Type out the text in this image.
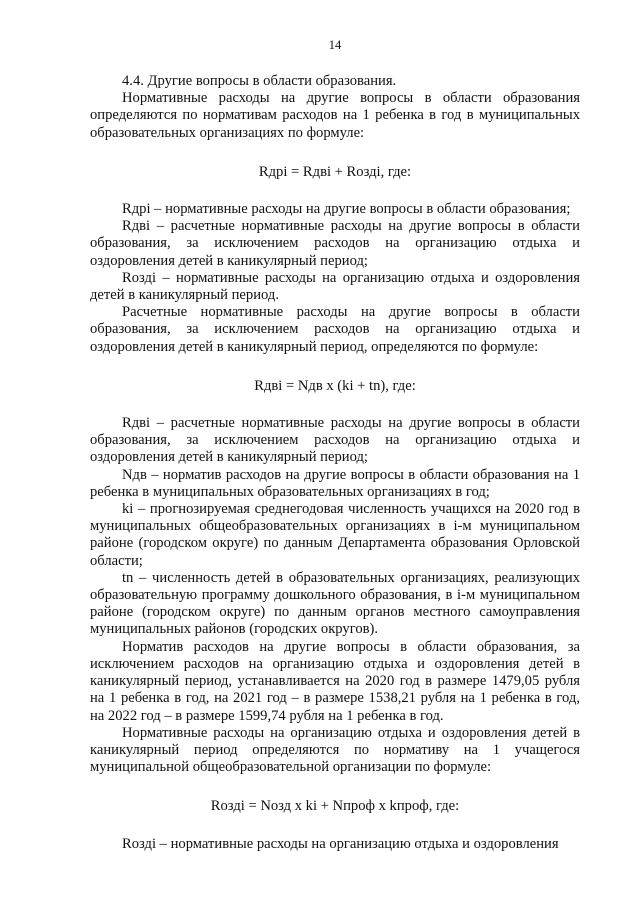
14

4.4. Другие вопросы в области образования.

Нормативные расходы на другие вопросы в области образования определяются по нормативам расходов на 1 ребенка в год в муниципальных образовательных организациях по формуле:

Rдрi = Rдвi + Rоздi, где:

Rдрi – нормативные расходы на другие вопросы в области образования;

Rдвi – расчетные нормативные расходы на другие вопросы в области образования, за исключением расходов на организацию отдыха и оздоровления детей в каникулярный период;

Rоздi – нормативные расходы на организацию отдыха и оздоровления детей в каникулярный период.

Расчетные нормативные расходы на другие вопросы в области образования, за исключением расходов на организацию отдыха и оздоровления детей в каникулярный период, определяются по формуле:

Rдвi = Nдв x (ki + tn), где:

Rдвi – расчетные нормативные расходы на другие вопросы в области образования, за исключением расходов на организацию отдыха и оздоровления детей в каникулярный период;

Nдв – норматив расходов на другие вопросы в области образования на 1 ребенка в муниципальных образовательных организациях в год;

ki – прогнозируемая среднегодовая численность учащихся на 2020 год в муниципальных общеобразовательных организациях в i-м муниципальном районе (городском округе) по данным Департамента образования Орловской области;

tn – численность детей в образовательных организациях, реализующих образовательную программу дошкольного образования, в i-м муниципальном районе (городском округе) по данным органов местного самоуправления муниципальных районов (городских округов).

Норматив расходов на другие вопросы в области образования, за исключением расходов на организацию отдыха и оздоровления детей в каникулярный период, устанавливается на 2020 год в размере 1479,05 рубля на 1 ребенка в год, на 2021 год – в размере 1538,21 рубля на 1 ребенка в год, на 2022 год – в размере 1599,74 рубля на 1 ребенка в год.

Нормативные расходы на организацию отдыха и оздоровления детей в каникулярный период определяются по нормативу на 1 учащегося муниципальной общеобразовательной организации по формуле:

Rоздi = Nозд x ki + Nпроф x kпроф, где:

Rоздi – нормативные расходы на организацию отдыха и оздоровления
